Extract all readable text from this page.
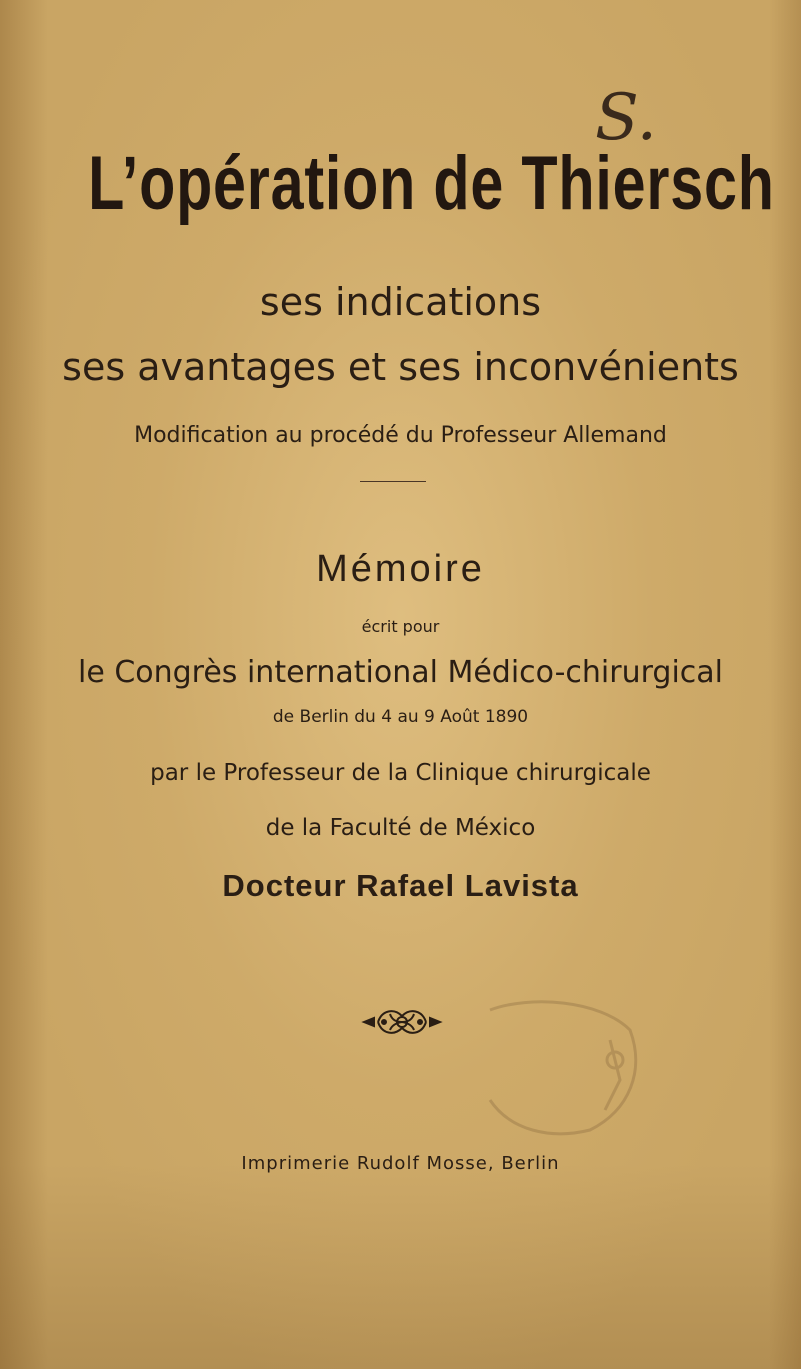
S.
L’opération de Thiersch
ses indications
ses avantages et ses inconvénients
Modification au procédé du Professeur Allemand
Mémoire
écrit pour
le Congrès international Médico-chirurgical
de Berlin du 4 au 9 Août 1890
par le Professeur de la Clinique chirurgicale
de la Faculté de México
Docteur Rafael Lavista
Imprimerie Rudolf Mosse, Berlin
